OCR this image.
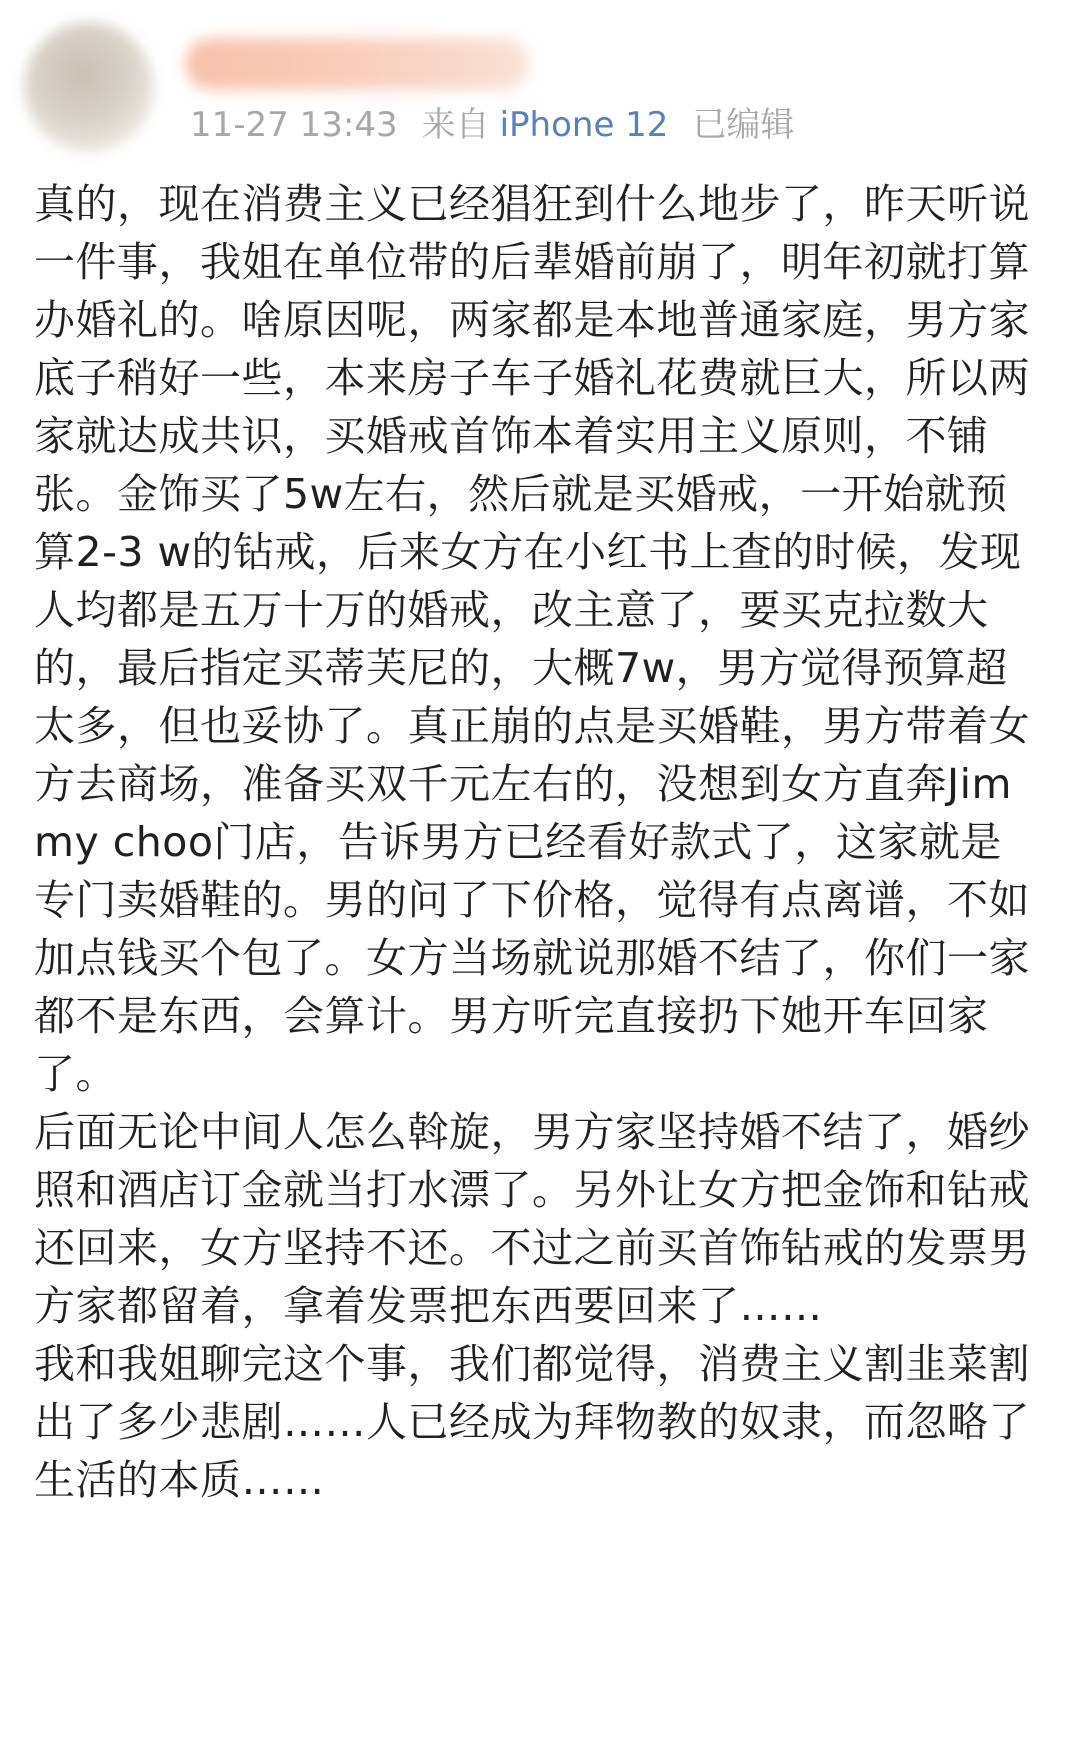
11-27 13:43 来自 iPhone 12 已编辑
真的，现在消费主义已经猖狂到什么地步了，昨天听说一件事，我姐在单位带的后辈婚前崩了，明年初就打算办婚礼的。啥原因呢，两家都是本地普通家庭，男方家底子稍好一些，本来房子车子婚礼花费就巨大，所以两家就达成共识，买婚戒首饰本着实用主义原则，不铺张。金饰买了5w左右，然后就是买婚戒，一开始就预算2-3 w的钻戒，后来女方在小红书上查的时候，发现人均都是五万十万的婚戒，改主意了，要买克拉数大的，最后指定买蒂芙尼的，大概7w，男方觉得预算超太多，但也妥协了。真正崩的点是买婚鞋，男方带着女方去商场，准备买双千元左右的，没想到女方直奔Jimmy choo门店，告诉男方已经看好款式了，这家就是专门卖婚鞋的。男的问了下价格，觉得有点离谱，不如加点钱买个包了。女方当场就说那婚不结了，你们一家都不是东西，会算计。男方听完直接扔下她开车回家了。
后面无论中间人怎么斡旋，男方家坚持婚不结了，婚纱照和酒店订金就当打水漂了。另外让女方把金饰和钻戒还回来，女方坚持不还。不过之前买首饰钻戒的发票男方家都留着，拿着发票把东西要回来了……
我和我姐聊完这个事，我们都觉得，消费主义割韭菜割出了多少悲剧……人已经成为拜物教的奴隶，而忽略了生活的本质……
